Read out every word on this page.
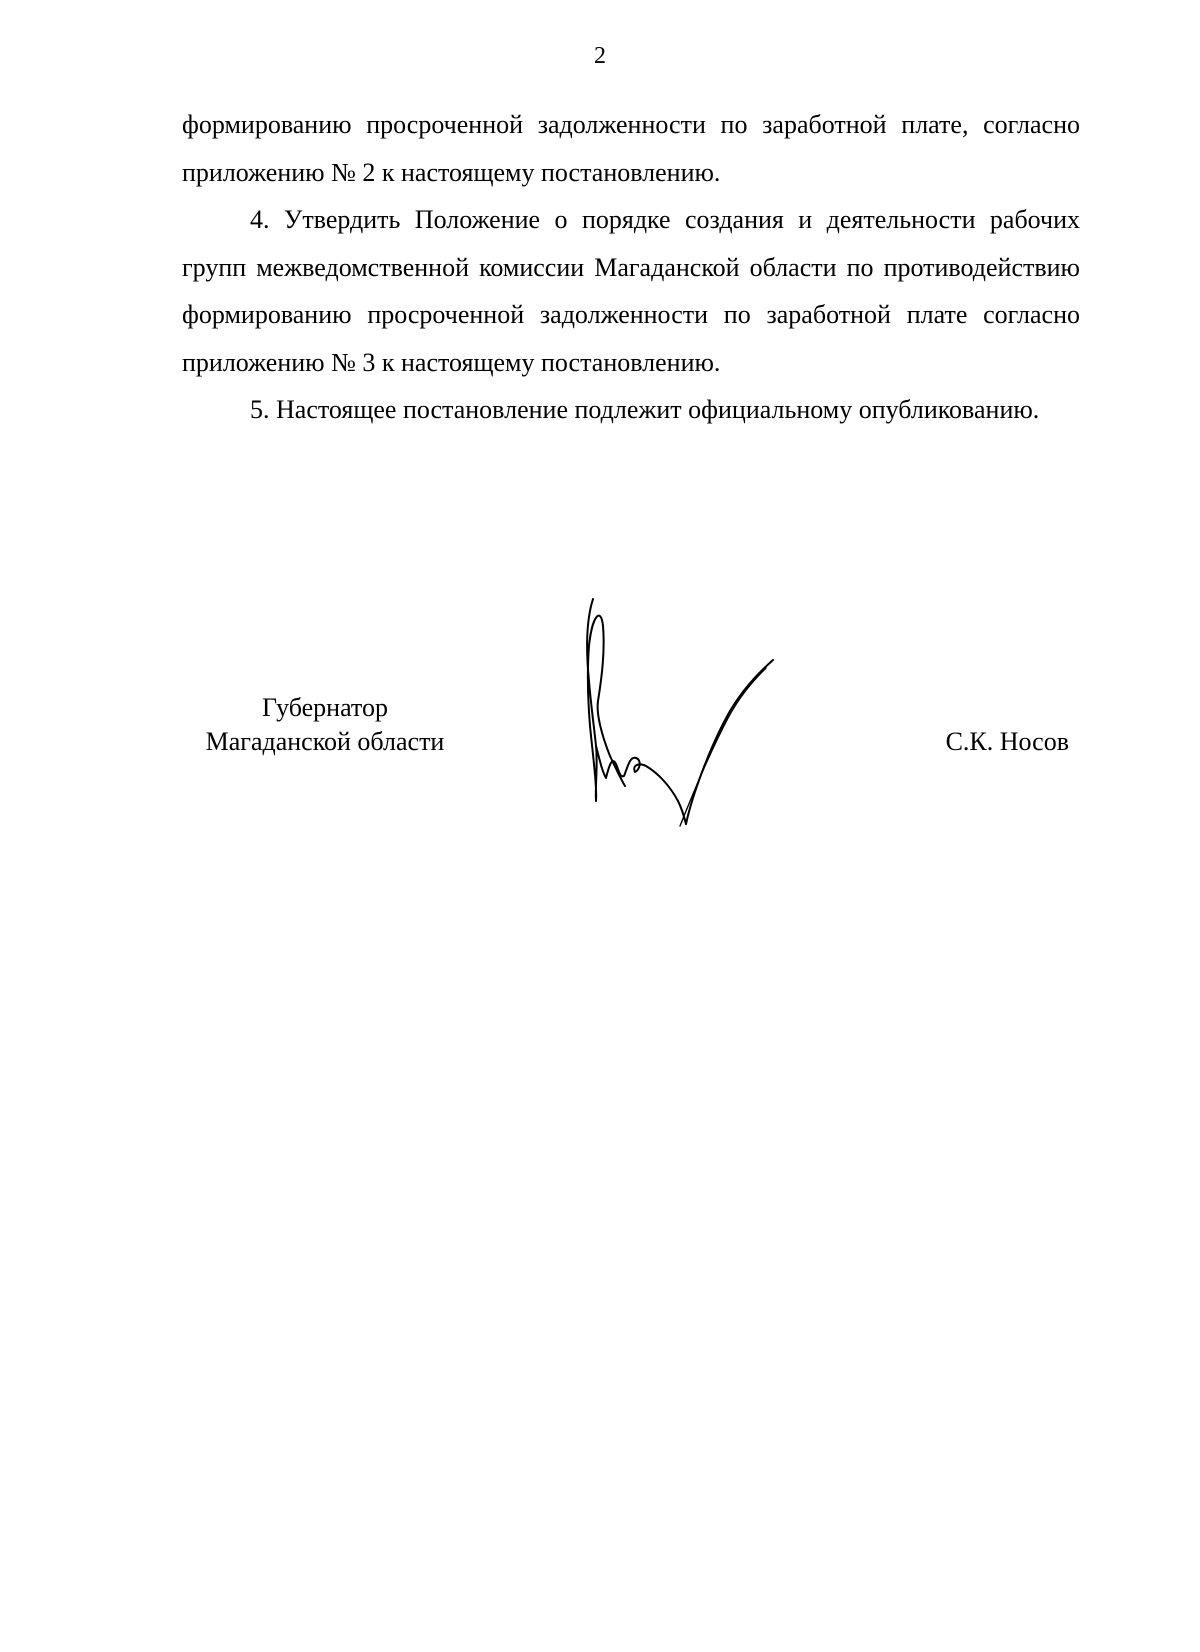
2

формированию просроченной задолженности по заработной плате, согласно приложению № 2 к настоящему постановлению.

4. Утвердить Положение о порядке создания и деятельности рабочих групп межведомственной комиссии Магаданской области по противодействию формированию просроченной задолженности по заработной плате согласно приложению № 3 к настоящему постановлению.

5. Настоящее постановление подлежит официальному опубликованию.

Губернатор
Магаданской области	С.К. Носов
